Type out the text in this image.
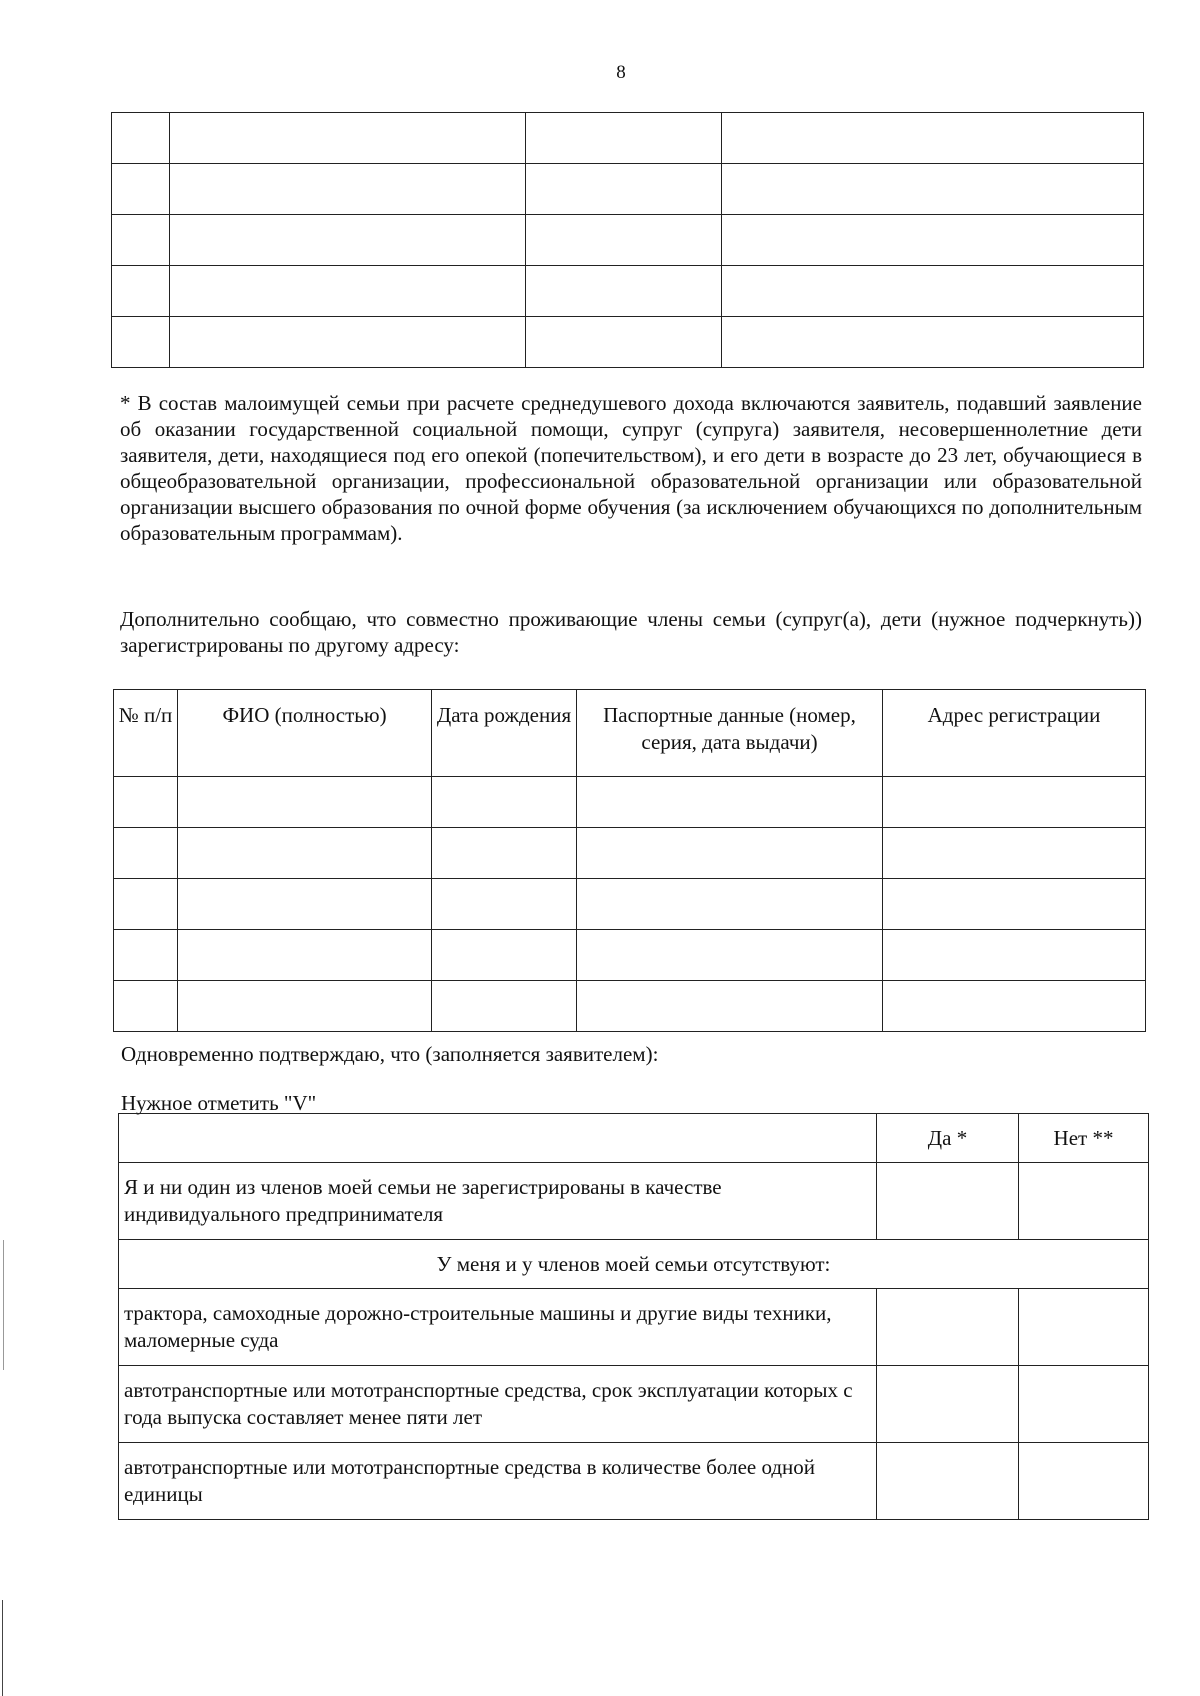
8

* В состав малоимущей семьи при расчете среднедушевого дохода включаются заявитель, подавший заявление об оказании государственной социальной помощи, супруг (супруга) заявителя, несовершеннолетние дети заявителя, дети, находящиеся под его опекой (попечительством), и его дети в возрасте до 23 лет, обучающиеся в общеобразовательной организации, профессиональной образовательной организации или образовательной организации высшего образования по очной форме обучения (за исключением обучающихся по дополнительным образовательным программам).
Дополнительно сообщаю, что совместно проживающие члены семьи (супруг(а), дети (нужное подчеркнуть)) зарегистрированы по другому адресу:
№ п/п	ФИО (полностью)	Дата рождения	Паспортные данные (номер, серия, дата выдачи)	Адрес регистрации

Одновременно подтверждаю, что (заполняется заявителем):
Нужное отметить "V"
	Да *	Нет **
Я и ни один из членов моей семьи не зарегистрированы в качестве индивидуального предпринимателя		
У меня и у членов моей семьи отсутствуют:		
трактора, самоходные дорожно-строительные машины и другие виды техники, маломерные суда		
автотранспортные или мототранспортные средства, срок эксплуатации которых с года выпуска составляет менее пяти лет		
автотранспортные или мототранспортные средства в количестве более одной единицы		
